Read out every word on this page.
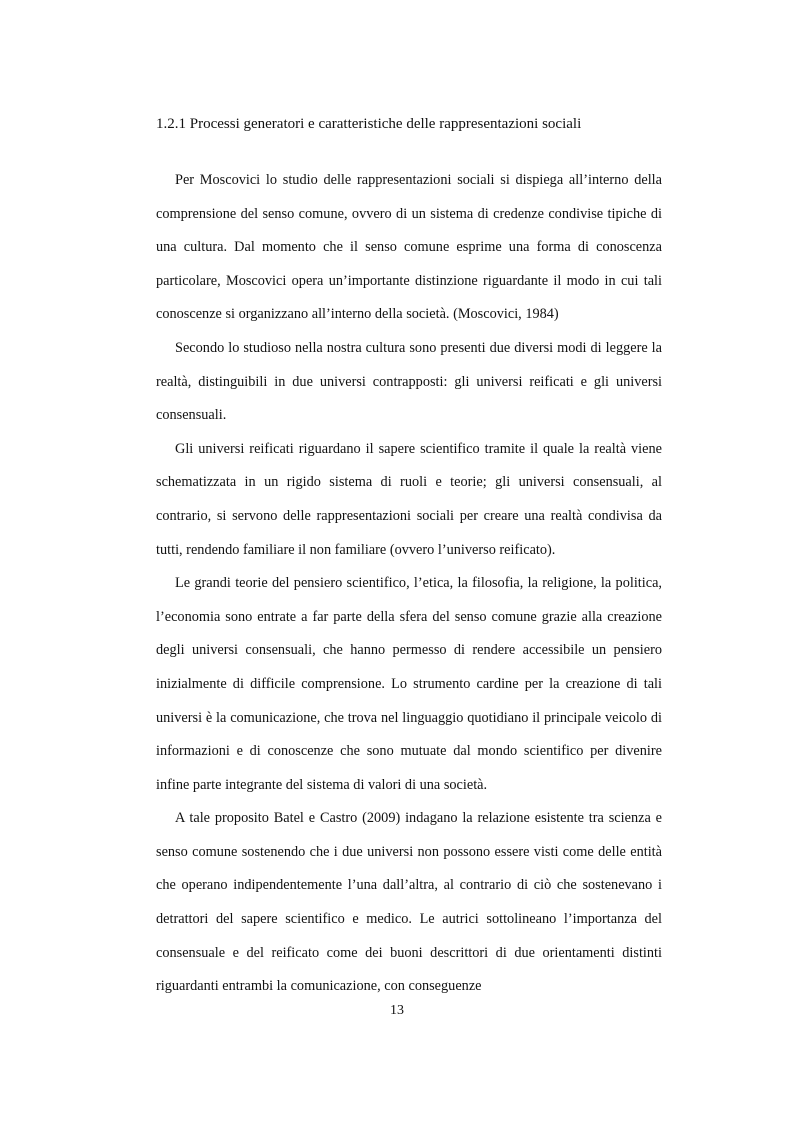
1.2.1 Processi generatori e caratteristiche delle rappresentazioni sociali

Per Moscovici lo studio delle rappresentazioni sociali si dispiega all’interno della comprensione del senso comune, ovvero di un sistema di credenze condivise tipiche di una cultura. Dal momento che il senso comune esprime una forma di conoscenza particolare, Moscovici opera un’importante distinzione riguardante il modo in cui tali conoscenze si organizzano all’interno della società. (Moscovici, 1984)

Secondo lo studioso nella nostra cultura sono presenti due diversi modi di leggere la realtà, distinguibili in due universi contrapposti: gli universi reificati e gli universi consensuali.

Gli universi reificati riguardano il sapere scientifico tramite il quale la realtà viene schematizzata in un rigido sistema di ruoli e teorie; gli universi consensuali, al contrario, si servono delle rappresentazioni sociali per creare una realtà condivisa da tutti, rendendo familiare il non familiare (ovvero l’universo reificato).

Le grandi teorie del pensiero scientifico, l’etica, la filosofia, la religione, la politica, l’economia sono entrate a far parte della sfera del senso comune grazie alla creazione degli universi consensuali, che hanno permesso di rendere accessibile un pensiero inizialmente di difficile comprensione. Lo strumento cardine per la creazione di tali universi è la comunicazione, che trova nel linguaggio quotidiano il principale veicolo di informazioni e di conoscenze che sono mutuate dal mondo scientifico per divenire infine parte integrante del sistema di valori di una società.

A tale proposito Batel e Castro (2009) indagano la relazione esistente tra scienza e senso comune sostenendo che i due universi non possono essere visti come delle entità che operano indipendentemente l’una dall’altra, al contrario di ciò che sostenevano i detrattori del sapere scientifico e medico. Le autrici sottolineano l’importanza del consensuale e del reificato come dei buoni descrittori di due orientamenti distinti riguardanti entrambi la comunicazione, con conseguenze

13
